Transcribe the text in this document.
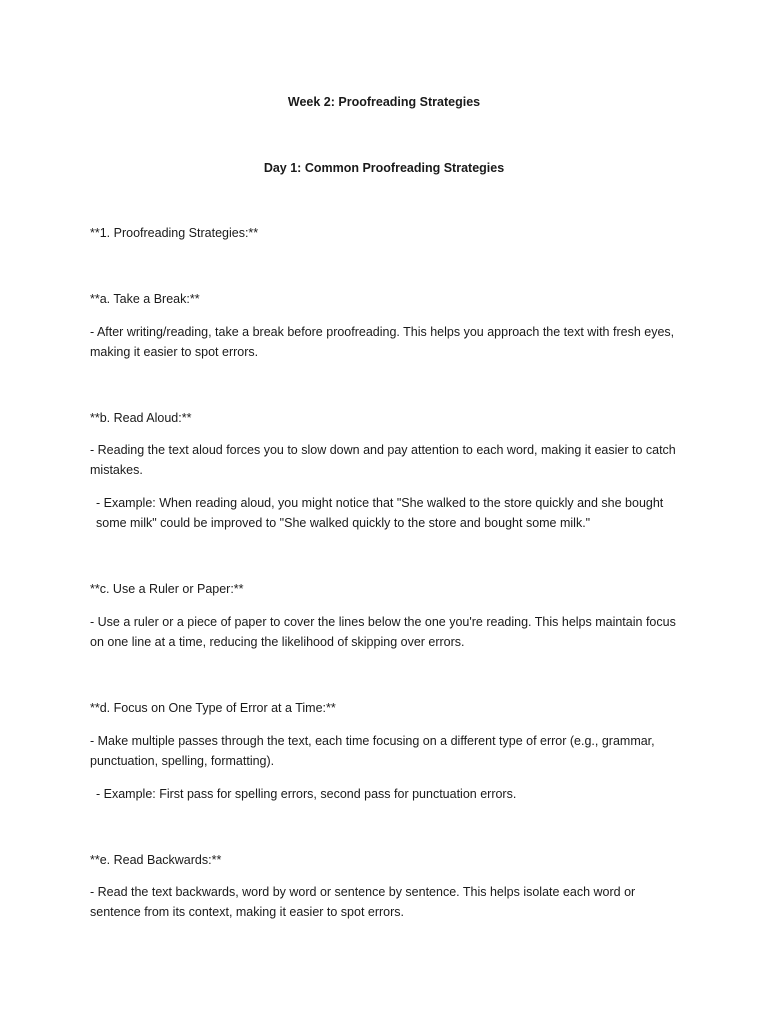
Week 2: Proofreading Strategies

Day 1: Common Proofreading Strategies

**1. Proofreading Strategies:**

**a. Take a Break:**

- After writing/reading, take a break before proofreading. This helps you approach the text with fresh eyes, making it easier to spot errors.

**b. Read Aloud:**

- Reading the text aloud forces you to slow down and pay attention to each word, making it easier to catch mistakes.

- Example: When reading aloud, you might notice that "She walked to the store quickly and she bought some milk" could be improved to "She walked quickly to the store and bought some milk."

**c. Use a Ruler or Paper:**

- Use a ruler or a piece of paper to cover the lines below the one you're reading. This helps maintain focus on one line at a time, reducing the likelihood of skipping over errors.

**d. Focus on One Type of Error at a Time:**

- Make multiple passes through the text, each time focusing on a different type of error (e.g., grammar, punctuation, spelling, formatting).

- Example: First pass for spelling errors, second pass for punctuation errors.

**e. Read Backwards:**

- Read the text backwards, word by word or sentence by sentence. This helps isolate each word or sentence from its context, making it easier to spot errors.
